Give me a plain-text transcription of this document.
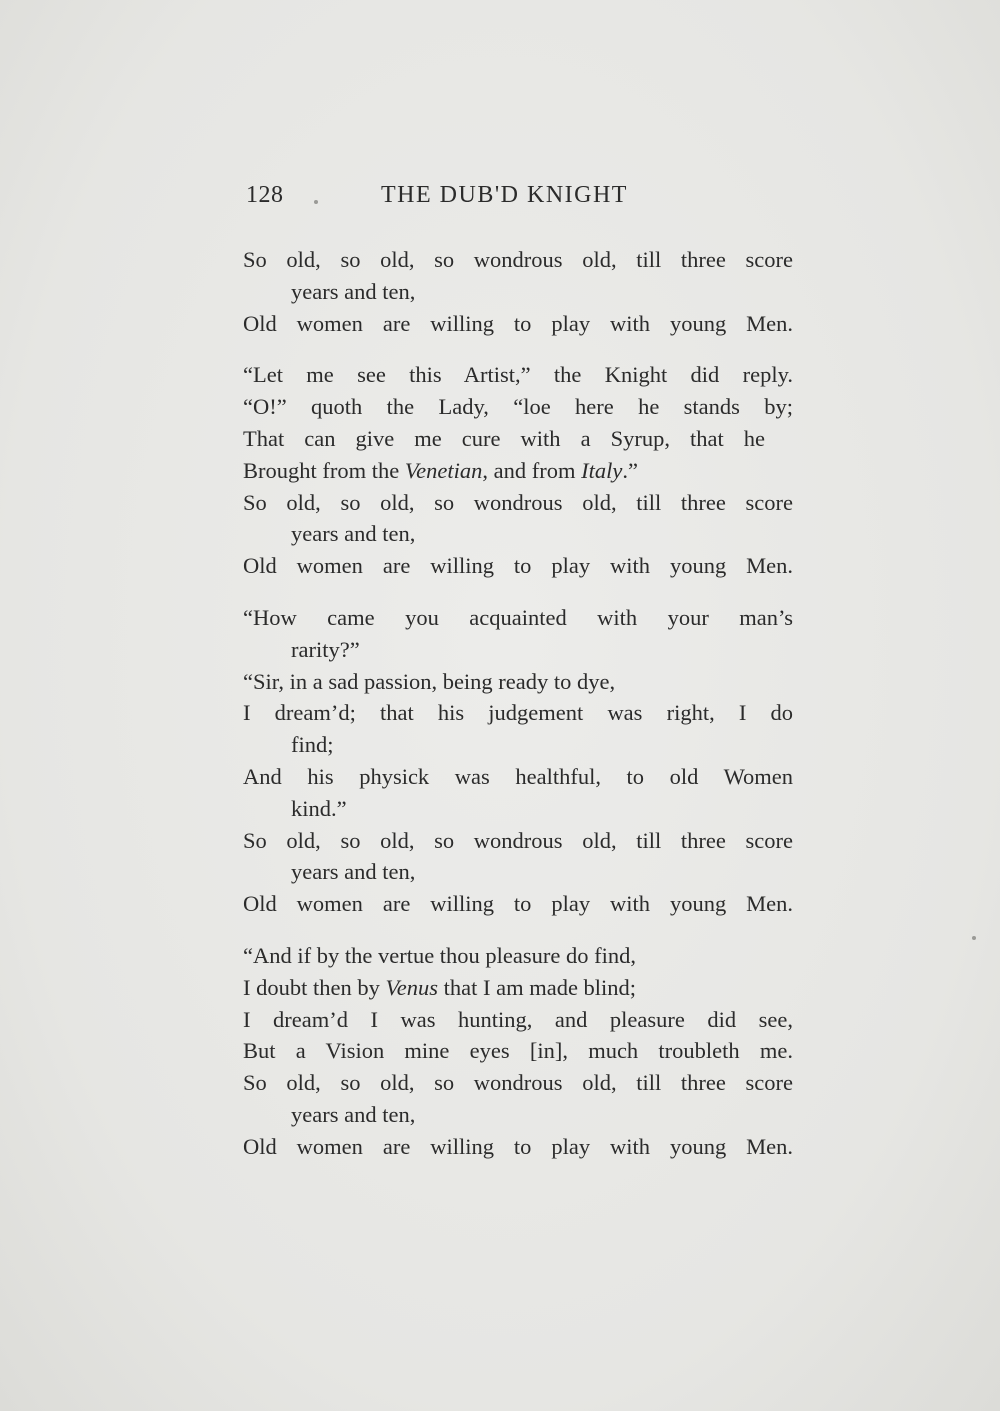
128	THE DUB'D KNIGHT
So old, so old, so wondrous old, till three score
years and ten,
Old women are willing to play with young Men.
“Let me see this Artist,” the Knight did reply.
“O!” quoth the Lady, “loe here he stands by;
That can give me cure with a Syrup, that he
Brought from the Venetian, and from Italy.”
So old, so old, so wondrous old, till three score
years and ten,
Old women are willing to play with young Men.
“How came you acquainted with your man’s
rarity?”
“Sir, in a sad passion, being ready to dye,
I dream’d; that his judgement was right, I do
find;
And his physick was healthful, to old Women
kind.”
So old, so old, so wondrous old, till three score
years and ten,
Old women are willing to play with young Men.
“And if by the vertue thou pleasure do find,
I doubt then by Venus that I am made blind;
I dream’d I was hunting, and pleasure did see,
But a Vision mine eyes [in], much troubleth me.
So old, so old, so wondrous old, till three score
years and ten,
Old women are willing to play with young Men.
